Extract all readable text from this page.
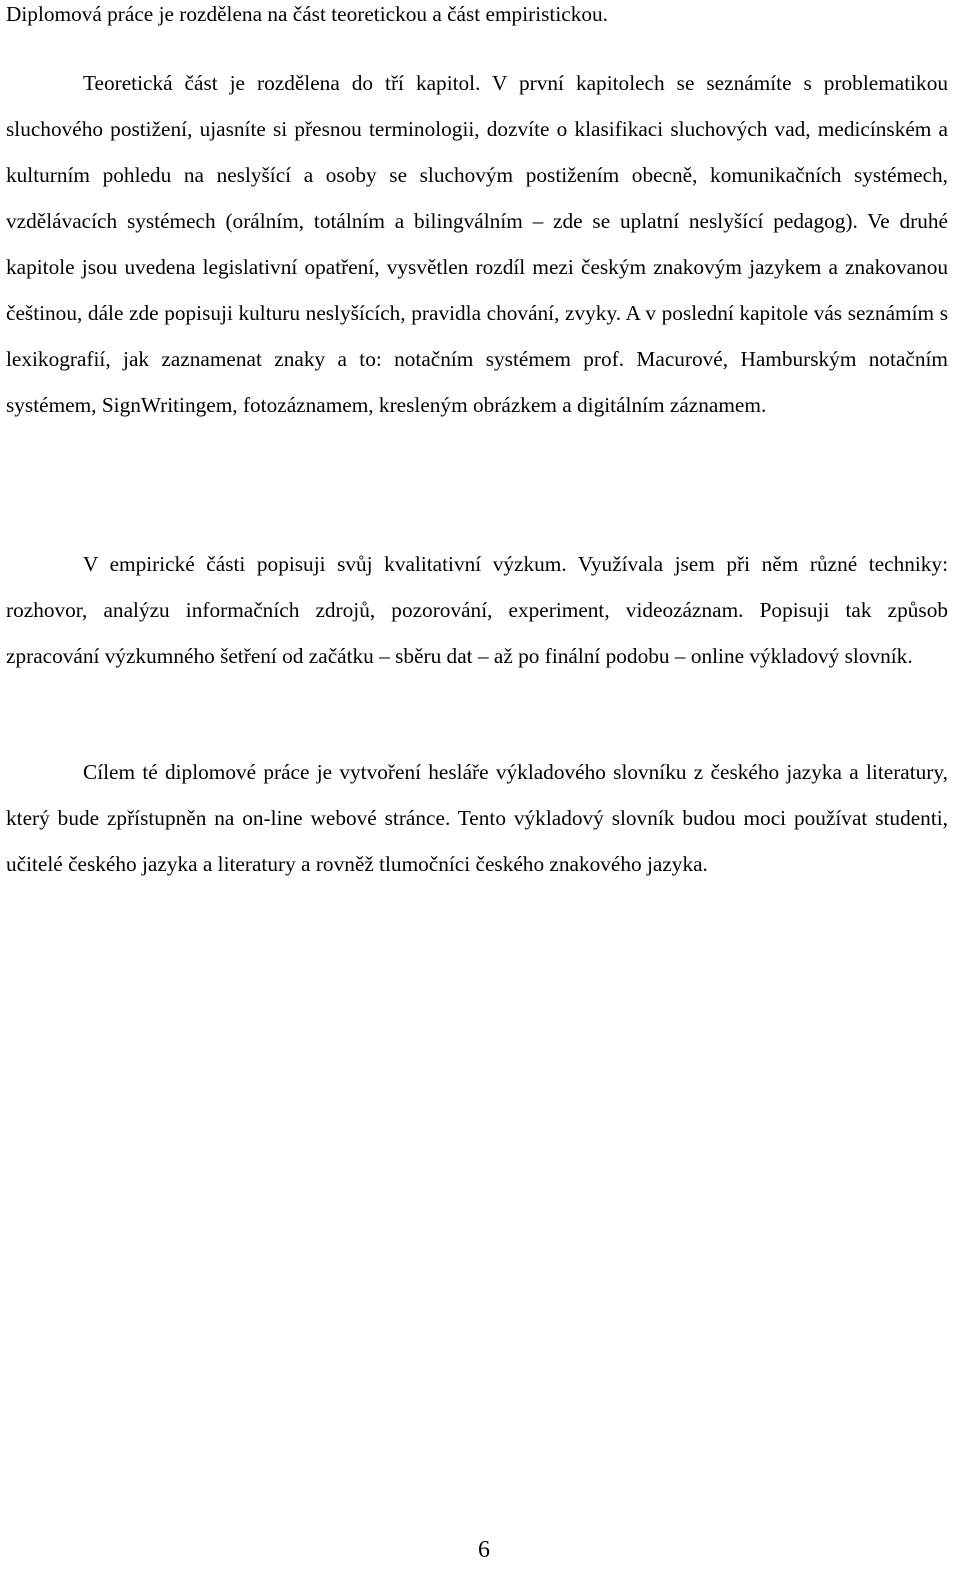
Diplomová práce je rozdělena na část teoretickou a část empiristickou.

Teoretická část je rozdělena do tří kapitol. V první kapitolech se seznámíte s problematikou sluchového postižení, ujasníte si přesnou terminologii, dozvíte o klasifikaci sluchových vad, medicínském a kulturním pohledu na neslyšící a osoby se sluchovým postižením obecně, komunikačních systémech, vzdělávacích systémech (orálním, totálním a bilingválním – zde se uplatní neslyšící pedagog). Ve druhé kapitole jsou uvedena legislativní opatření, vysvětlen rozdíl mezi českým znakovým jazykem a znakovanou češtinou, dále zde popisuji kulturu neslyšících, pravidla chování, zvyky. A v poslední kapitole vás seznámím s lexikografií, jak zaznamenat znaky a to: notačním systémem prof. Macurové, Hamburským notačním systémem, SignWritingem, fotozáznamem, kresleným obrázkem a digitálním záznamem.

V empirické části popisuji svůj kvalitativní výzkum. Využívala jsem při něm různé techniky: rozhovor, analýzu informačních zdrojů, pozorování, experiment, videozáznam. Popisuji tak způsob zpracování výzkumného šetření od začátku – sběru dat – až po finální podobu – online výkladový slovník.

Cílem té diplomové práce je vytvoření hesláře výkladového slovníku z českého jazyka a literatury, který bude zpřístupněn na on-line webové stránce. Tento výkladový slovník budou moci používat studenti, učitelé českého jazyka a literatury a rovněž tlumočníci českého znakového jazyka.

6
